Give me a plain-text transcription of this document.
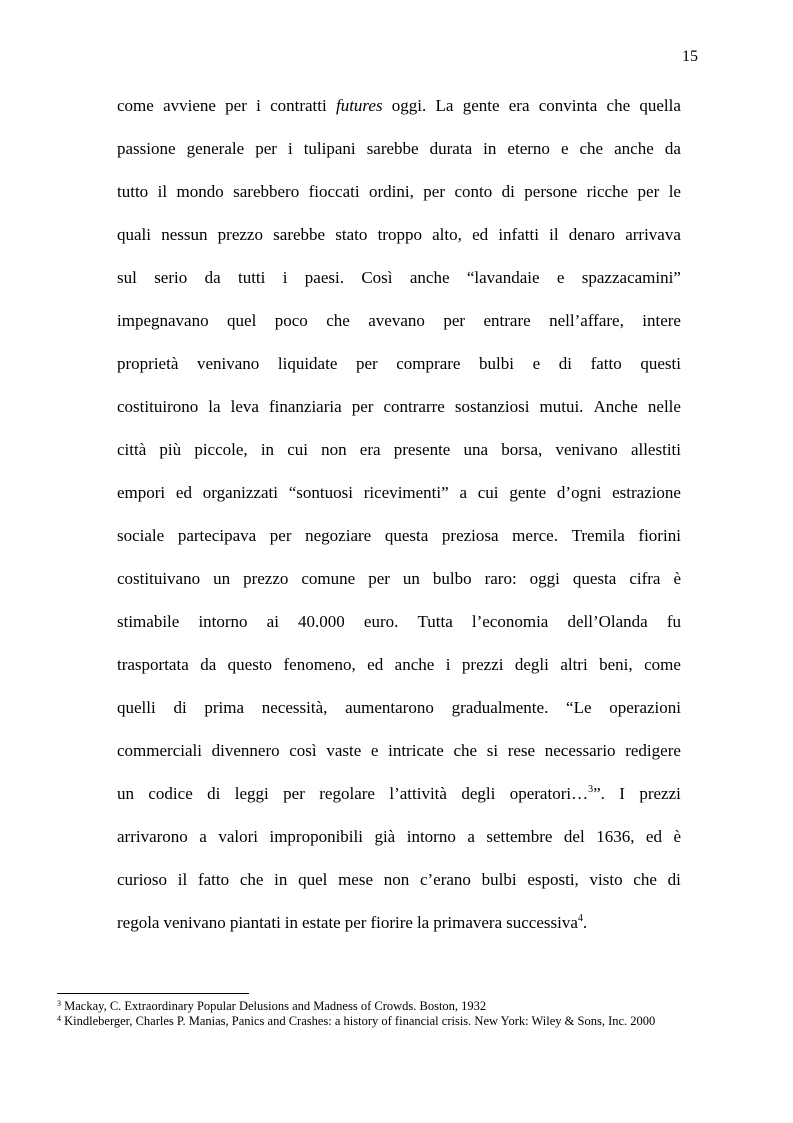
15
come avviene per i contratti futures oggi. La gente era convinta che quella
passione generale per i tulipani sarebbe durata in eterno e che anche da
tutto il mondo sarebbero fioccati ordini, per conto di persone ricche per le
quali nessun prezzo sarebbe stato troppo alto, ed infatti il denaro arrivava
sul serio da tutti i paesi. Così anche “lavandaie e spazzacamini”
impegnavano quel poco che avevano per entrare nell’affare, intere
proprietà venivano liquidate per comprare bulbi e di fatto questi
costituirono la leva finanziaria per contrarre sostanziosi mutui. Anche nelle
città più piccole, in cui non era presente una borsa, venivano allestiti
empori ed organizzati “sontuosi ricevimenti” a cui gente d’ogni estrazione
sociale partecipava per negoziare questa preziosa merce. Tremila fiorini
costituivano un prezzo comune per un bulbo raro: oggi questa cifra è
stimabile intorno ai 40.000 euro. Tutta l’economia dell’Olanda fu
trasportata da questo fenomeno, ed anche i prezzi degli altri beni, come
quelli di prima necessità, aumentarono gradualmente. “Le operazioni
commerciali divennero così vaste e intricate che si rese necessario redigere
un codice di leggi per regolare l’attività degli operatori…$^3$”. I prezzi
arrivarono a valori improponibili già intorno a settembre del 1636, ed è
curioso il fatto che in quel mese non c’erano bulbi esposti, visto che di
regola venivano piantati in estate per fiorire la primavera successiva$^4$.
$^3$ Mackay, C. Extraordinary Popular Delusions and Madness of Crowds. Boston, 1932
$^4$ Kindleberger, Charles P. Manias, Panics and Crashes: a history of financial crisis. New York: Wiley & Sons, Inc. 2000
